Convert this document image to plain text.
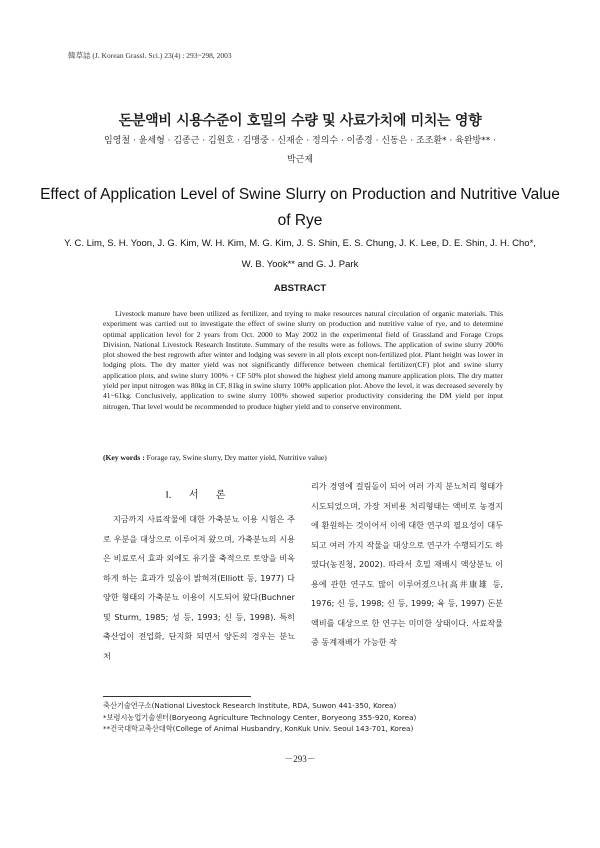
韓草誌 (J. Korean Grassl. Sci.) 23(4) : 293~298, 2003
돈분액비 시용수준이 호밀의 수량 및 사료가치에 미치는 영향
임영철 · 윤세형 · 김종근 · 김원호 · 김맹중 · 신재순 · 정의수 · 이종경 · 신동은 · 조조환* · 육완방** · 박근제
Effect of Application Level of Swine Slurry on Production and Nutritive Value of Rye
Y. C. Lim, S. H. Yoon, J. G. Kim, W. H. Kim, M. G. Kim, J. S. Shin, E. S. Chung, J. K. Lee, D. E. Shin, J. H. Cho*, W. B. Yook** and G. J. Park
ABSTRACT

Livestock manure have been utilized as fertilizer, and trying to make resources natural circulation of organic materials. This experiment was carried out to investigate the effect of swine slurry on production and nutritive value of rye, and to determine optimal application level for 2 years from Oct. 2000 to May 2002 in the experimental field of Grassland and Forage Crops Division, National Livestock Research Institute. Summary of the results were as follows. The application of swine slurry 200% plot showed the best regrowth after winter and lodging was severe in all plots except non-fertilized plot. Plant height was lower in lodging plots. The dry matter yield was not significantly difference between chemical fertilizer(CF) plot and swine slurry application plots, and swine slurry 100% + CF 50% plot showed the highest yield among manure application plots. The dry matter yield per input nitrogen was 80kg in CF, 81kg in swine slurry 100% application plot. Above the level, it was decreased severely by 41~61kg. Conclusively, application to swine slurry 100% showed superior productivity considering the DM yield per input nitrogen, That level would be recommended to produce higher yield and to conserve environment.

(Key words : Forage ray, Swine slurry, Dry matter yield, Nutritive value)

Ⅰ. 서 론

지금까지 사료작물에 대한 가축분뇨 이용 시험은 주로 우분을 대상으로 이루어져 왔으며, 가축분뇨의 시용은 비료로서 효과 외에도 유기물 축적으로 토양을 비옥하게 하는 효과가 있음이 밝혀져(Elliott 등, 1977) 다양한 형태의 가축분뇨 이용이 시도되어 왔다(Buchner 및 Sturm, 1985; 성 등, 1993; 신 등, 1998). 특히 축산업이 전업화, 단지화 되면서 양돈의 경우는 분뇨 처

리가 경영에 걸림돌이 되어 여러 가지 분뇨처리 형태가 시도되었으며, 가장 저비용 처리형태는 액비로 농경지에 환원하는 것이어서 이에 대한 연구의 필요성이 대두되고 여러 가지 작물을 대상으로 연구가 수행되기도 하였다(농진청, 2002). 따라서 호밀 재배시 액상분뇨 이용에 관한 연구도 많이 이루어졌으나(高井康雄 등, 1976; 신 등, 1998; 신 등, 1999; 육 등, 1997) 돈분액비를 대상으로 한 연구는 미미한 상태이다. 사료작물 중 동계재배가 가능한 작

축산기술연구소(National Livestock Research Institute, RDA, Suwon 441-350, Korea)
*보령시농업기술센터(Boryeong Agriculture Technology Center, Boryeong 355-920, Korea)
**건국대학교축산대학(College of Animal Husbandry, KonKuk Univ. Seoul 143-701, Korea)
－293－
